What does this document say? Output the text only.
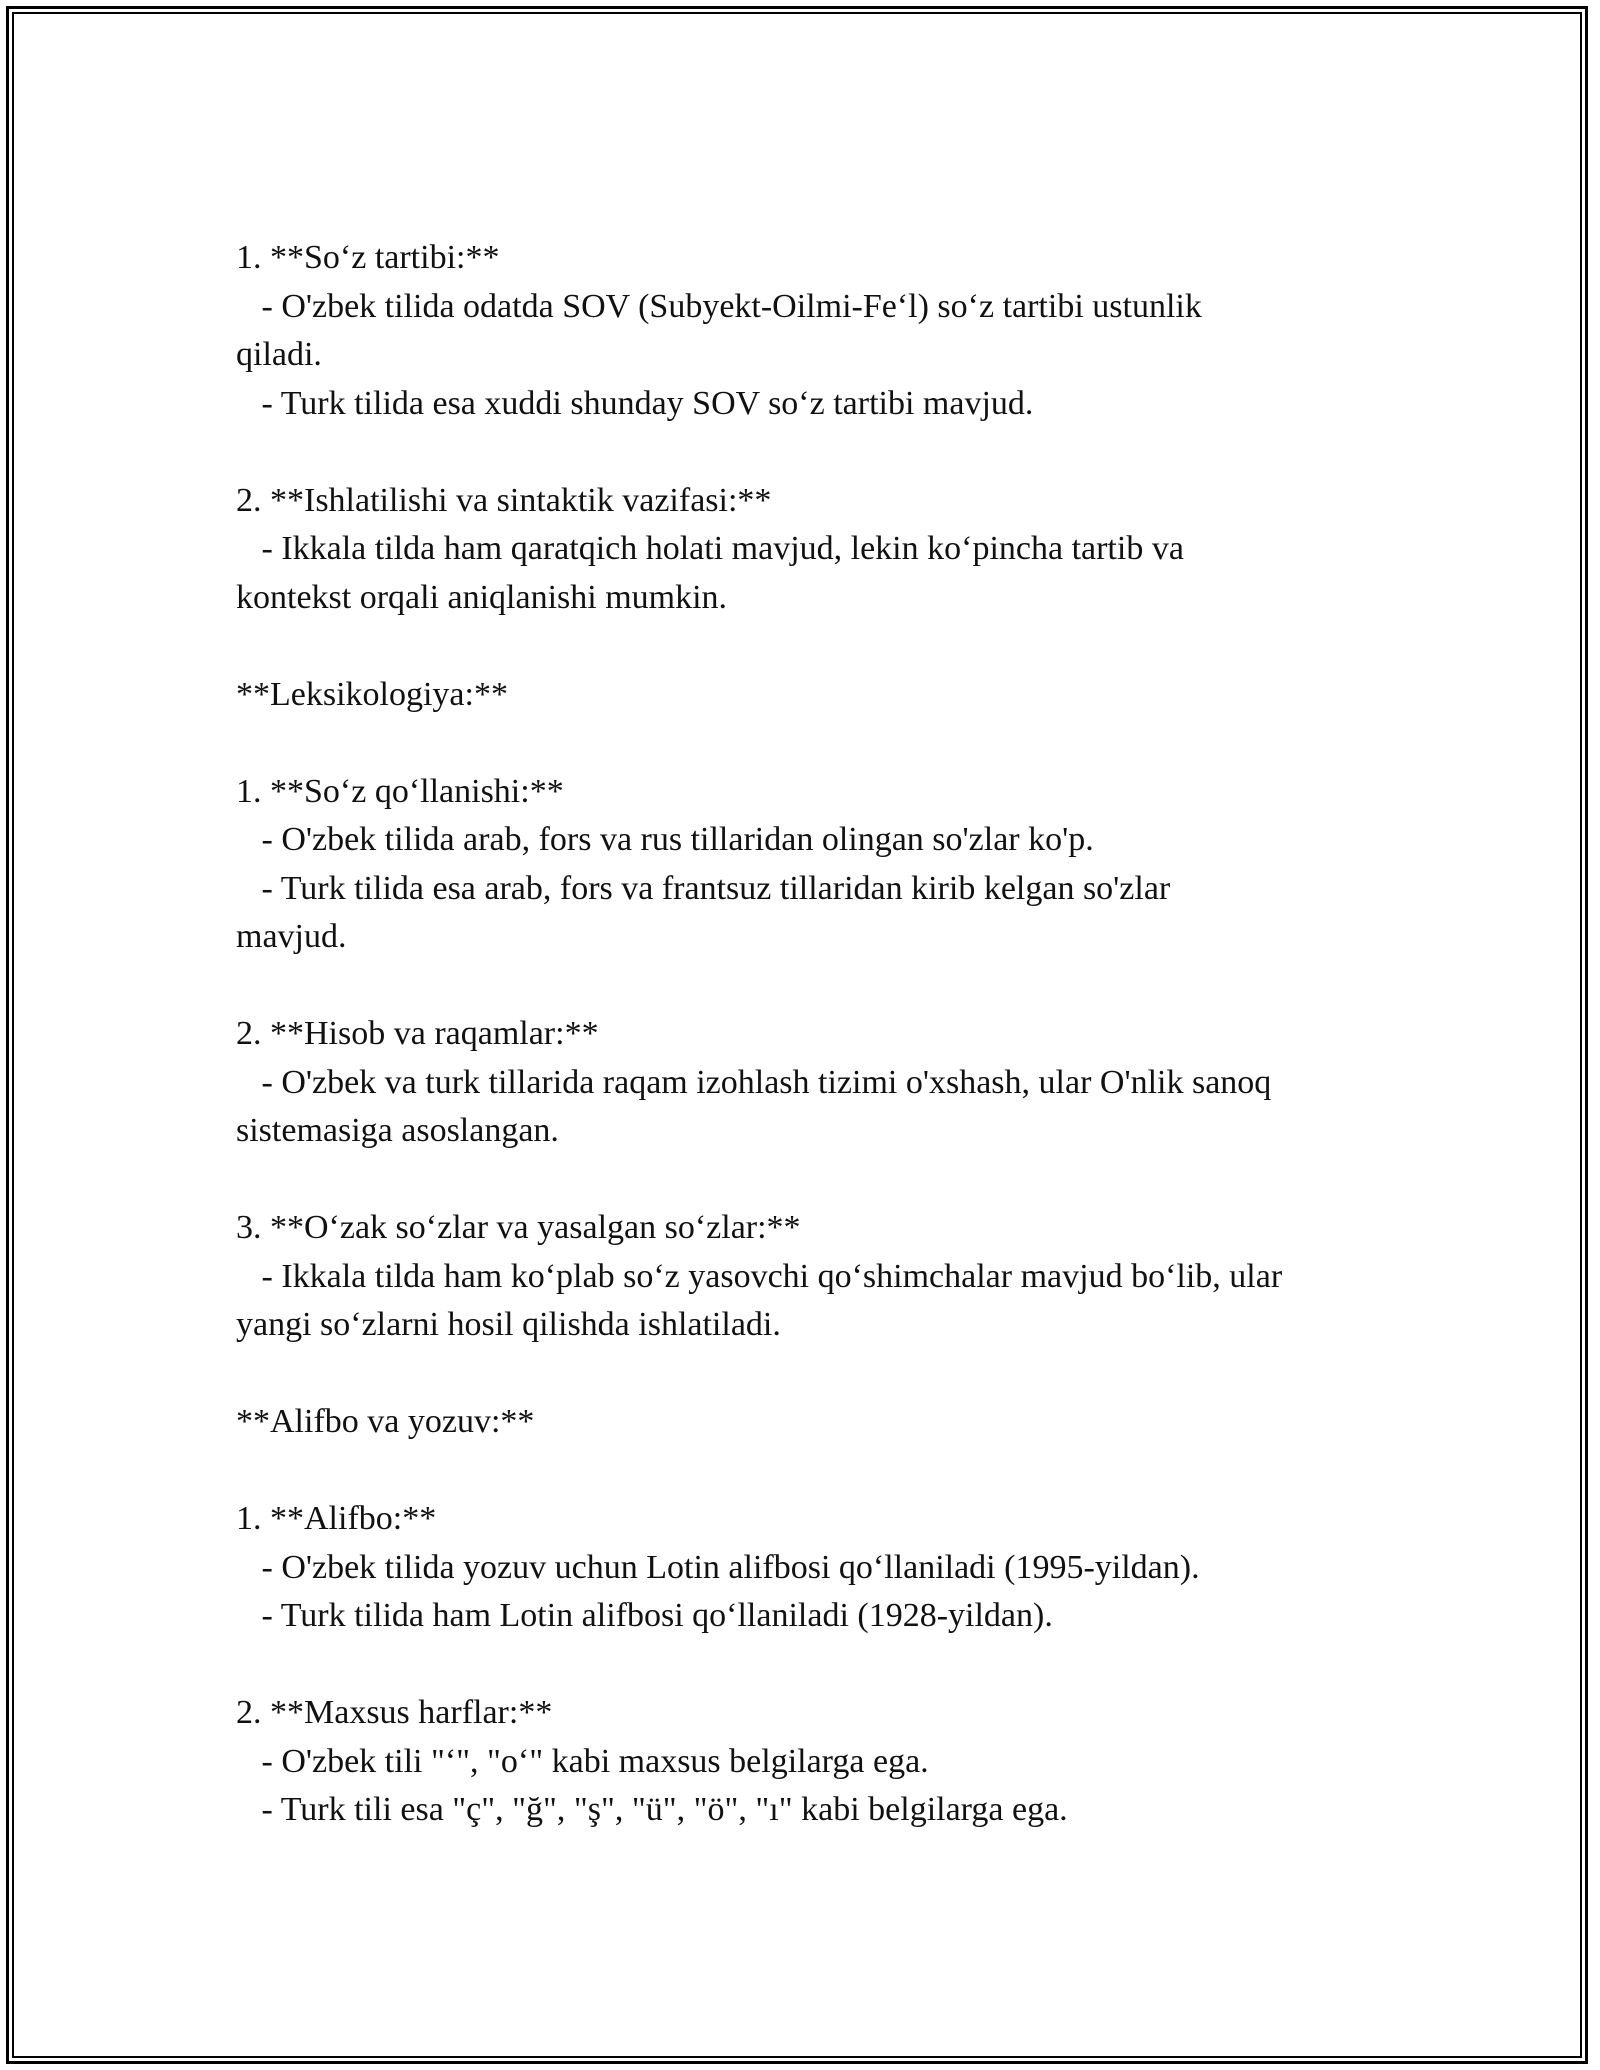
1. **So‘z tartibi:**
- O'zbek tilida odatda SOV (Subyekt-Oilmi-Fe‘l) so‘z tartibi ustunlik
qiladi.
- Turk tilida esa xuddi shunday SOV so‘z tartibi mavjud.
2. **Ishlatilishi va sintaktik vazifasi:**
- Ikkala tilda ham qaratqich holati mavjud, lekin ko‘pincha tartib va
kontekst orqali aniqlanishi mumkin.
**Leksikologiya:**
1. **So‘z qo‘llanishi:**
- O'zbek tilida arab, fors va rus tillaridan olingan so'zlar ko'p.
- Turk tilida esa arab, fors va frantsuz tillaridan kirib kelgan so'zlar
mavjud.
2. **Hisob va raqamlar:**
- O'zbek va turk tillarida raqam izohlash tizimi o'xshash, ular O'nlik sanoq
sistemasiga asoslangan.
3. **O‘zak so‘zlar va yasalgan so‘zlar:**
- Ikkala tilda ham ko‘plab so‘z yasovchi qo‘shimchalar mavjud bo‘lib, ular
yangi so‘zlarni hosil qilishda ishlatiladi.
**Alifbo va yozuv:**
1. **Alifbo:**
- O'zbek tilida yozuv uchun Lotin alifbosi qo‘llaniladi (1995-yildan).
- Turk tilida ham Lotin alifbosi qo‘llaniladi (1928-yildan).
2. **Maxsus harflar:**
- O'zbek tili "‘", "o‘" kabi maxsus belgilarga ega.
- Turk tili esa "ç", "ğ", "ş", "ü", "ö", "ı" kabi belgilarga ega.
